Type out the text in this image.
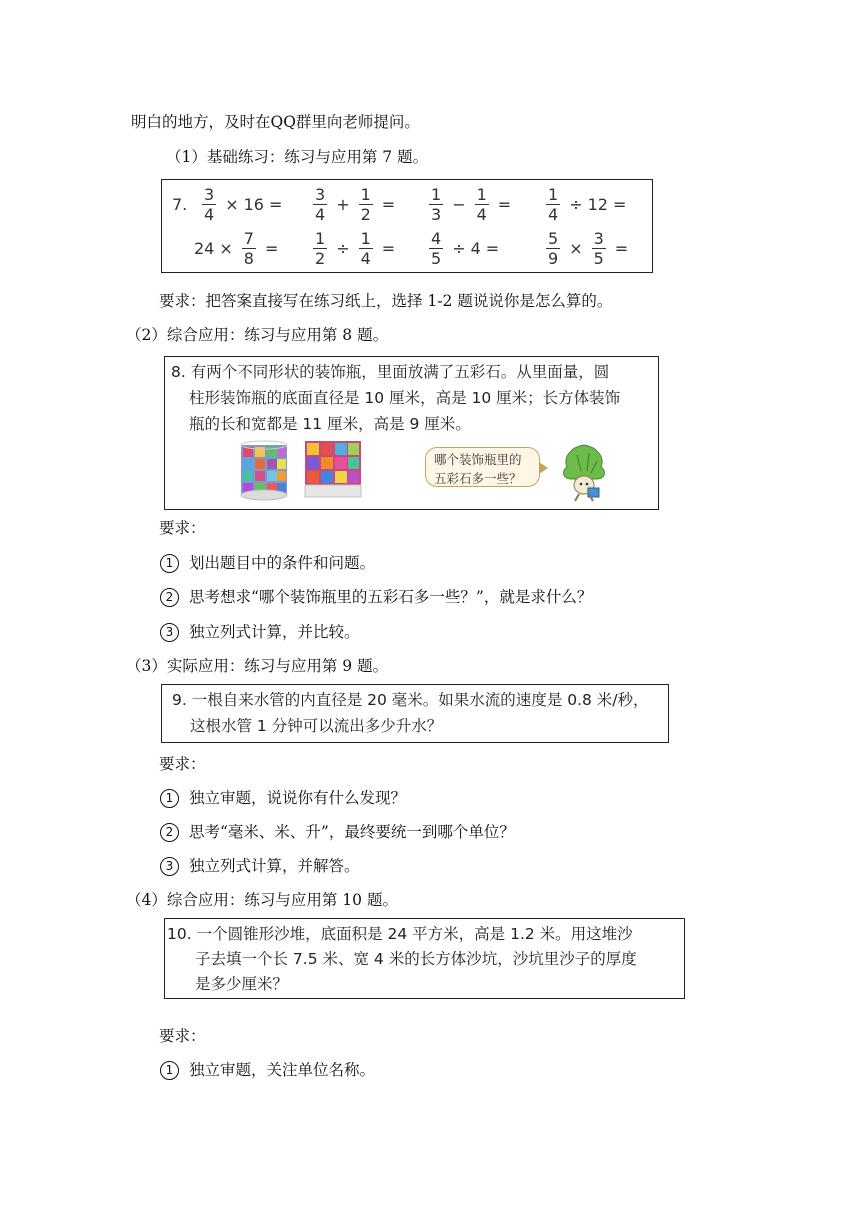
明白的地方，及时在QQ群里向老师提问。
（1）基础练习：练习与应用第 7 题。
7. $\frac{3}{4} \times 16 = \frac{3}{4} + \frac{1}{2} = \frac{1}{3} - \frac{1}{4} = \frac{1}{4} \div 12$ =
$24 \times \frac{7}{8} = \frac{1}{2} \div \frac{1}{4} = \frac{4}{5} \div 4$ =	$\frac{5}{9} \times \frac{3}{5}$ =
要求：把答案直接写在练习纸上，选择 1-2 题说说你是怎么算的。
（2）综合应用：练习与应用第 8 题。
8. 有两个不同形状的装饰瓶，里面放满了五彩石。从里面量，圆
柱形装饰瓶的底面直径是 10 厘米，高是 10 厘米；长方体装饰
瓶的长和宽都是 11 厘米，高是 9 厘米。
哪个装饰瓶里的
五彩石多一些？
要求：
1 划出题目中的条件和问题。
2 思考想求“哪个装饰瓶里的五彩石多一些？”，就是求什么？
3 独立列式计算，并比较。
（3）实际应用：练习与应用第 9 题。
9. 一根自来水管的内直径是 20 毫米。如果水流的速度是 0.8 米/秒，
这根水管 1 分钟可以流出多少升水？
要求：
1 独立审题，说说你有什么发现？
2 思考“毫米、米、升”，最终要统一到哪个单位？
3 独立列式计算，并解答。
（4）综合应用：练习与应用第 10 题。
10. 一个圆锥形沙堆，底面积是 24 平方米，高是 1.2 米。用这堆沙
子去填一个长 7.5 米、宽 4 米的长方体沙坑，沙坑里沙子的厚度
是多少厘米？
要求：
1 独立审题，关注单位名称。
